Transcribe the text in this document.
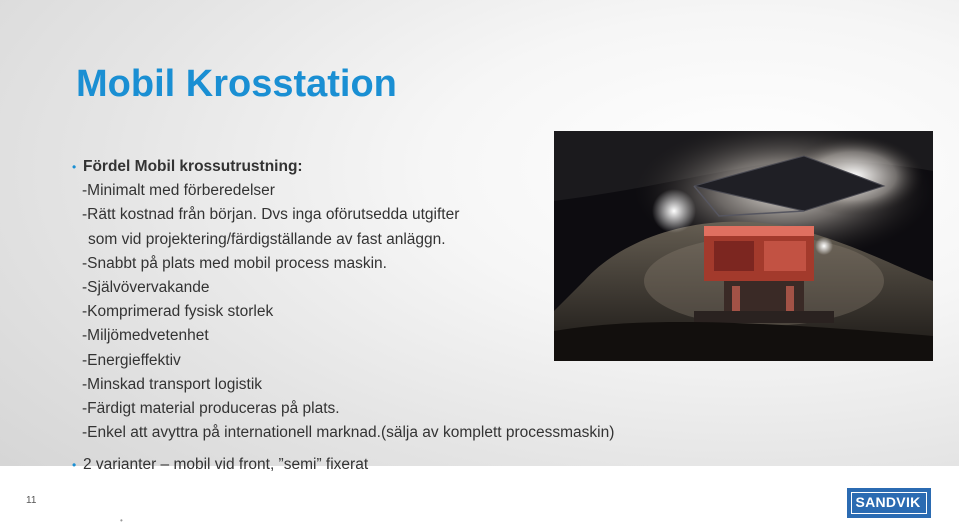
Mobil Krosstation
• Fördel Mobil krossutrustning:
-Minimalt med förberedelser
-Rätt kostnad från början. Dvs inga oförutsedda utgifter
som vid projektering/färdigställande av fast anläggn.
-Snabbt på plats med mobil process maskin.
-Självövervakande
-Komprimerad fysisk storlek
-Miljömedvetenhet
-Energieffektiv
-Minskad transport logistik
-Färdigt material produceras på plats.
-Enkel att avyttra på internationell marknad.(sälja av komplett processmaskin)
• 2 varianter – mobil vid front, ”semi” fixerat
11
•
SANDVIK
